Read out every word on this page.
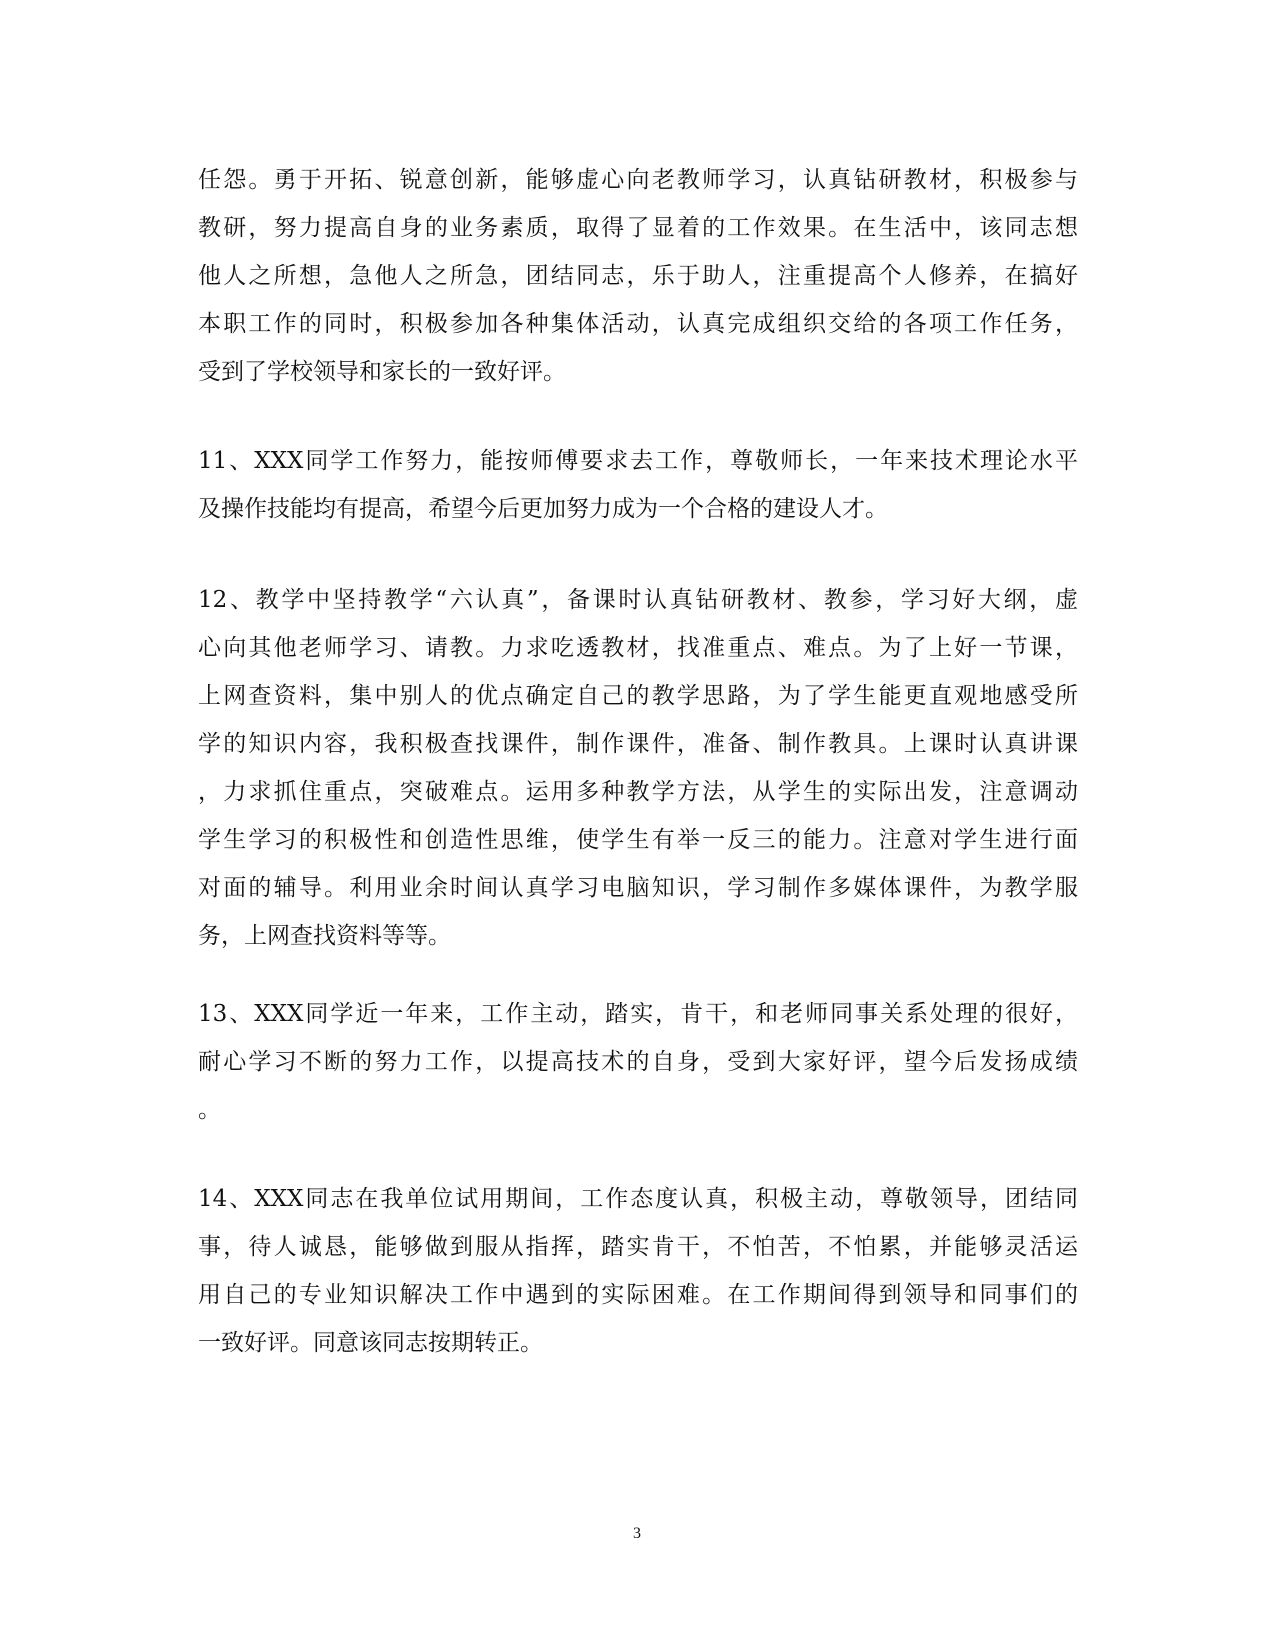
任怨。勇于开拓、锐意创新，能够虚心向老教师学习，认真钻研教材，积极参与
教研，努力提高自身的业务素质，取得了显着的工作效果。在生活中，该同志想
他人之所想，急他人之所急，团结同志，乐于助人，注重提高个人修养，在搞好
本职工作的同时，积极参加各种集体活动，认真完成组织交给的各项工作任务，
受到了学校领导和家长的一致好评。
11、XXX同学工作努力，能按师傅要求去工作，尊敬师长，一年来技术理论水平
及操作技能均有提高，希望今后更加努力成为一个合格的建设人才。
12、教学中坚持教学“六认真”，备课时认真钻研教材、教参，学习好大纲，虚
心向其他老师学习、请教。力求吃透教材，找准重点、难点。为了上好一节课，
上网查资料，集中别人的优点确定自己的教学思路，为了学生能更直观地感受所
学的知识内容，我积极查找课件，制作课件，准备、制作教具。上课时认真讲课
，力求抓住重点，突破难点。运用多种教学方法，从学生的实际出发，注意调动
学生学习的积极性和创造性思维，使学生有举一反三的能力。注意对学生进行面
对面的辅导。利用业余时间认真学习电脑知识，学习制作多媒体课件，为教学服
务，上网查找资料等等。
13、XXX同学近一年来，工作主动，踏实，肯干，和老师同事关系处理的很好，
耐心学习不断的努力工作，以提高技术的自身，受到大家好评，望今后发扬成绩
。
14、XXX同志在我单位试用期间，工作态度认真，积极主动，尊敬领导，团结同
事，待人诚恳，能够做到服从指挥，踏实肯干，不怕苦，不怕累，并能够灵活运
用自己的专业知识解决工作中遇到的实际困难。在工作期间得到领导和同事们的
一致好评。同意该同志按期转正。
3
